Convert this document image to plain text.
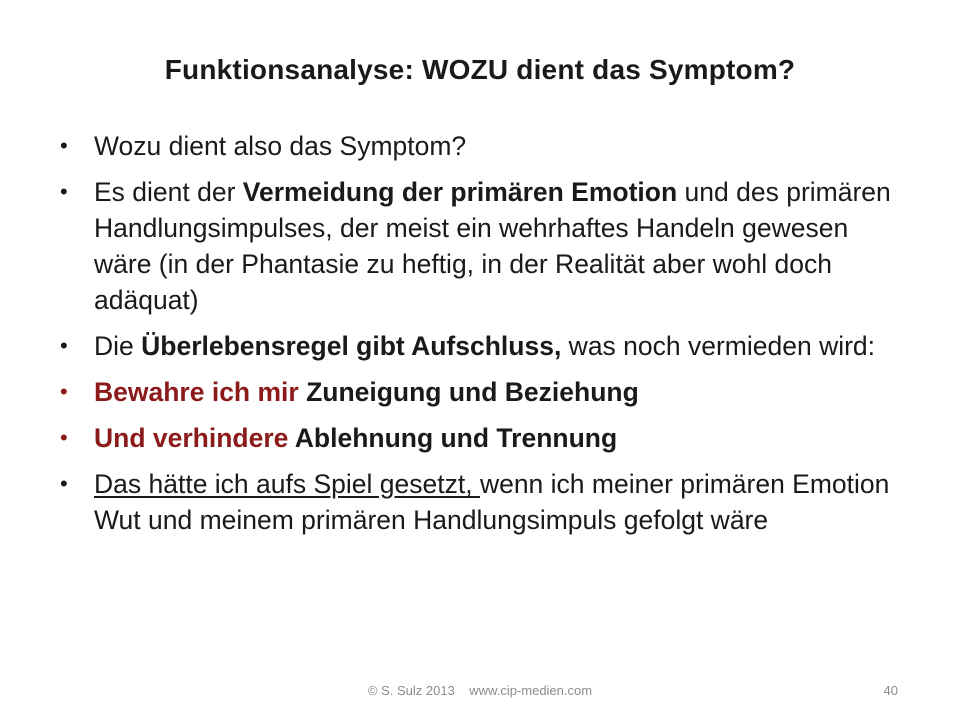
Funktionsanalyse: WOZU dient das Symptom?
• Wozu dient also das Symptom?
• Es dient der Vermeidung der primären Emotion und des primären Handlungsimpulses, der meist ein wehrhaftes Handeln gewesen wäre (in der Phantasie zu heftig, in der Realität aber wohl doch adäquat)
• Die Überlebensregel gibt Aufschluss, was noch vermieden wird:
• Bewahre ich mir Zuneigung und Beziehung
• Und verhindere Ablehnung und Trennung
• Das hätte ich aufs Spiel gesetzt, wenn ich meiner primären Emotion Wut und meinem primären Handlungsimpuls gefolgt wäre
© S. Sulz 2013 www.cip-medien.com	40
